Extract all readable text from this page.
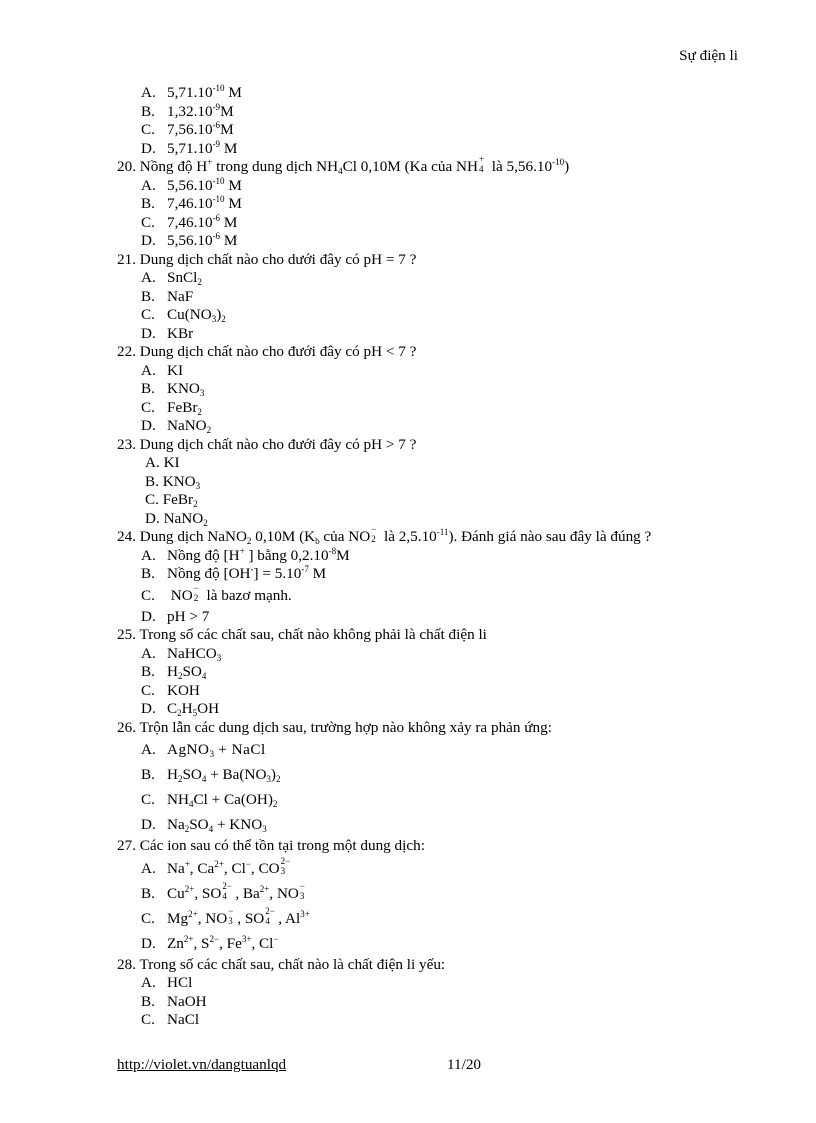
Sự điện li
A. $5,71.10^{-10}$ M
B. $1,32.10^{-9}M$
C. $7,56.10^{-6}M$
D. $5,71.10^{-9}$ M
20. Nồng độ H+ trong dung dịch $NH_4Cl$ 0,10M (Ka của NH +
4 là $5,56.10^{-10}$)
A. $5,56.10^{-10}$ M
B. $7,46.10^{-10}$ M
C. $7,46.10^{-6}$ M
D. $5,56.10^{-6}$ M
21. Dung dịch chất nào cho dưới đây có pH = 7 ?
A. SnCl$_2$
B. NaF
C. $Cu(NO_3)_2$
D. KBr
22. Dung dịch chất nào cho đưới đây có pH < 7 ?
A. KI
B. $KNO_3$
C. FeBr$_2$
D. NaNO$_2$
23. Dung dịch chất nào cho đưới đây có pH > 7 ?
A. KI
B. $KNO_3$
C. FeBr$_2$
D. NaNO$_2$
24. Dung dịch NaNO$_2$ 0,10M ($K_b$ của NO −
2 là $2,5.10^{-11}$). Đánh giá nào sau đây là đúng ?
A. Nồng độ [H+ ] bằng $0,2.10^{-8}M$
B. Nồng độ $[OH^-] = 5.10^{-7}$ M
C. NO −
2 là bazơ mạnh.
D. pH > 7
25. Trong số các chất sau, chất nào không phải là chất điện li
A. NaHCO$_3$
B. $H_2SO_4$
C. KOH
D. $C_2H_5OH$
26. Trộn lẫn các dung dịch sau, trường hợp nào không xảy ra phản ứng:
A. AgNO$_3$ + NaCl
B. $H_2SO_4 + Ba(NO_3)_2$
C. $NH_4Cl + Ca(OH)_2$
D. $Na_2SO_4 + KNO_3$
27. Các ion sau có thể tồn tại trong một dung dịch:
A. Na+, $Ca^{2+}$, Cl−, CO 2−
3
B. $Cu^{2+}$, SO 2−
4 , $Ba^{2+}$, NO −
3
C. $Mg^{2+}$, NO −
3 , SO 2−
4 , $Al^{3+}$
D. $Zn^{2+}$, $S^{2-}$, $Fe^{3+}$, Cl−
28. Trong số các chất sau, chất nào là chất điện li yếu:
A. HCl
B. NaOH
C. NaCl
http://violet.vn/dangtuanlqd	11/20
